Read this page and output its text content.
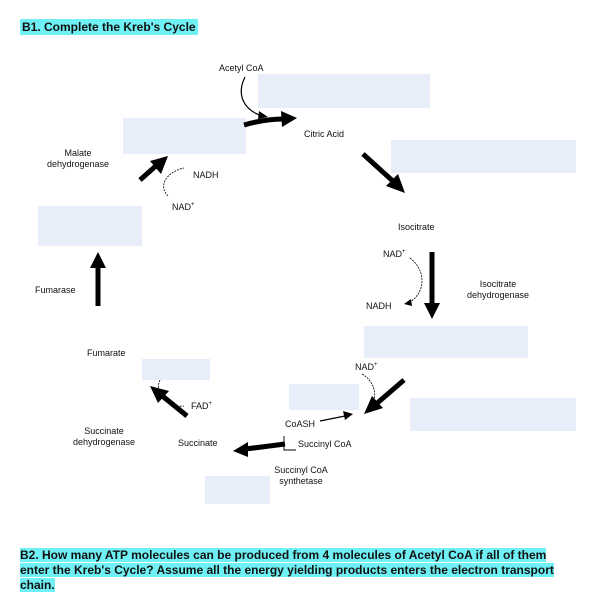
B1. Complete the Kreb's Cycle
Acetyl CoA
Citric Acid
Isocitrate
NAD+
NADH
Isocitrate dehydrogenase
NAD+
CoASH
Succinyl CoA
Succinyl CoA synthetase
Succinate
FAD+
Succinate dehydrogenase
Fumarate
Fumarase
NAD+
NADH
Malate dehydrogenase
B2. How many ATP molecules can be produced from 4 molecules of Acetyl CoA if all of them enter the Kreb's Cycle? Assume all the energy yielding products enters the electron transport chain.
